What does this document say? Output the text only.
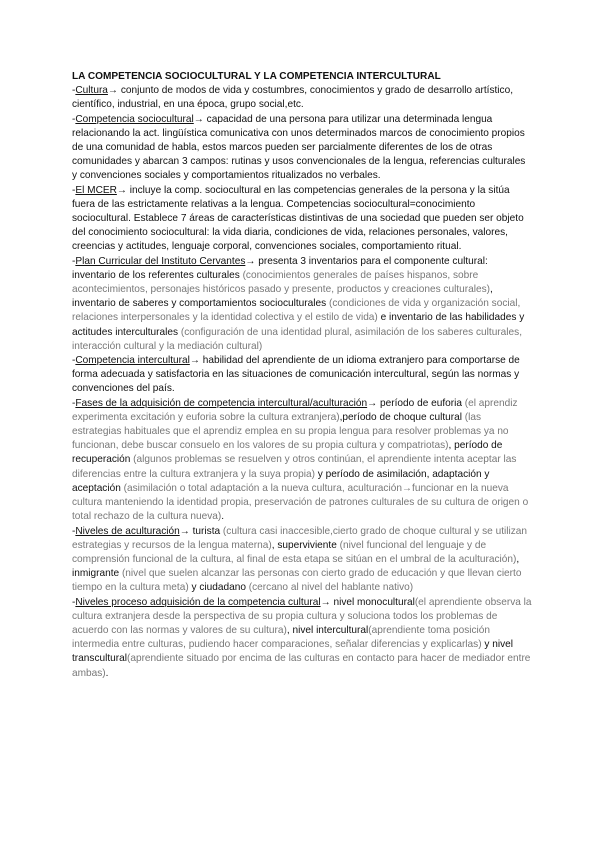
LA COMPETENCIA SOCIOCULTURAL Y LA COMPETENCIA INTERCULTURAL

-Cultura→ conjunto de modos de vida y costumbres, conocimientos y grado de desarrollo artístico, científico, industrial, en una época, grupo social,etc.

-Competencia sociocultural→ capacidad de una persona para utilizar una determinada lengua relacionando la act. lingüística comunicativa con unos determinados marcos de conocimiento propios de una comunidad de habla, estos marcos pueden ser parcialmente diferentes de los de otras comunidades y abarcan 3 campos: rutinas y usos convencionales de la lengua, referencias culturales y convenciones sociales y comportamientos ritualizados no verbales.

-El MCER→ incluye la comp. sociocultural en las competencias generales de la persona y la sitúa fuera de las estrictamente relativas a la lengua. Competencias sociocultural=conocimiento sociocultural. Establece 7 áreas de características distintivas de una sociedad que pueden ser objeto del conocimiento sociocultural: la vida diaria, condiciones de vida, relaciones personales, valores, creencias y actitudes, lenguaje corporal, convenciones sociales, comportamiento ritual.

-Plan Curricular del Instituto Cervantes→ presenta 3 inventarios para el componente cultural: inventario de los referentes culturales (conocimientos generales de países hispanos, sobre acontecimientos, personajes históricos pasado y presente, productos y creaciones culturales), inventario de saberes y comportamientos socioculturales (condiciones de vida y organización social, relaciones interpersonales y la identidad colectiva y el estilo de vida) e inventario de las habilidades y actitudes interculturales (configuración de una identidad plural, asimilación de los saberes culturales, interacción cultural y la mediación cultural)

-Competencia intercultural→ habilidad del aprendiente de un idioma extranjero para comportarse de forma adecuada y satisfactoria en las situaciones de comunicación intercultural, según las normas y convenciones del país.

-Fases de la adquisición de competencia intercultural/aculturación→ período de euforia (el aprendiz experimenta excitación y euforia sobre la cultura extranjera),período de choque cultural (las estrategias habituales que el aprendiz emplea en su propia lengua para resolver problemas ya no funcionan, debe buscar consuelo en los valores de su propia cultura y compatriotas), período de recuperación (algunos problemas se resuelven y otros continúan, el aprendiente intenta aceptar las diferencias entre la cultura extranjera y la suya propia) y período de asimilación, adaptación y aceptación (asimilación o total adaptación a la nueva cultura, aculturación→funcionar en la nueva cultura manteniendo la identidad propia, preservación de patrones culturales de su cultura de origen o total rechazo de la cultura nueva).

-Niveles de aculturación→ turista (cultura casi inaccesible,cierto grado de choque cultural y se utilizan estrategias y recursos de la lengua materna), superviviente (nivel funcional del lenguaje y de comprensión funcional de la cultura, al final de esta etapa se sitúan en el umbral de la aculturación), inmigrante (nivel que suelen alcanzar las personas con cierto grado de educación y que llevan cierto tiempo en la cultura meta) y ciudadano (cercano al nivel del hablante nativo)

-Niveles proceso adquisición de la competencia cultural→ nivel monocultural(el aprendiente observa la cultura extranjera desde la perspectiva de su propia cultura y soluciona todos los problemas de acuerdo con las normas y valores de su cultura), nivel intercultural(aprendiente toma posición intermedia entre culturas, pudiendo hacer comparaciones, señalar diferencias y explicarlas) y nivel transcultural(aprendiente situado por encima de las culturas en contacto para hacer de mediador entre ambas).
